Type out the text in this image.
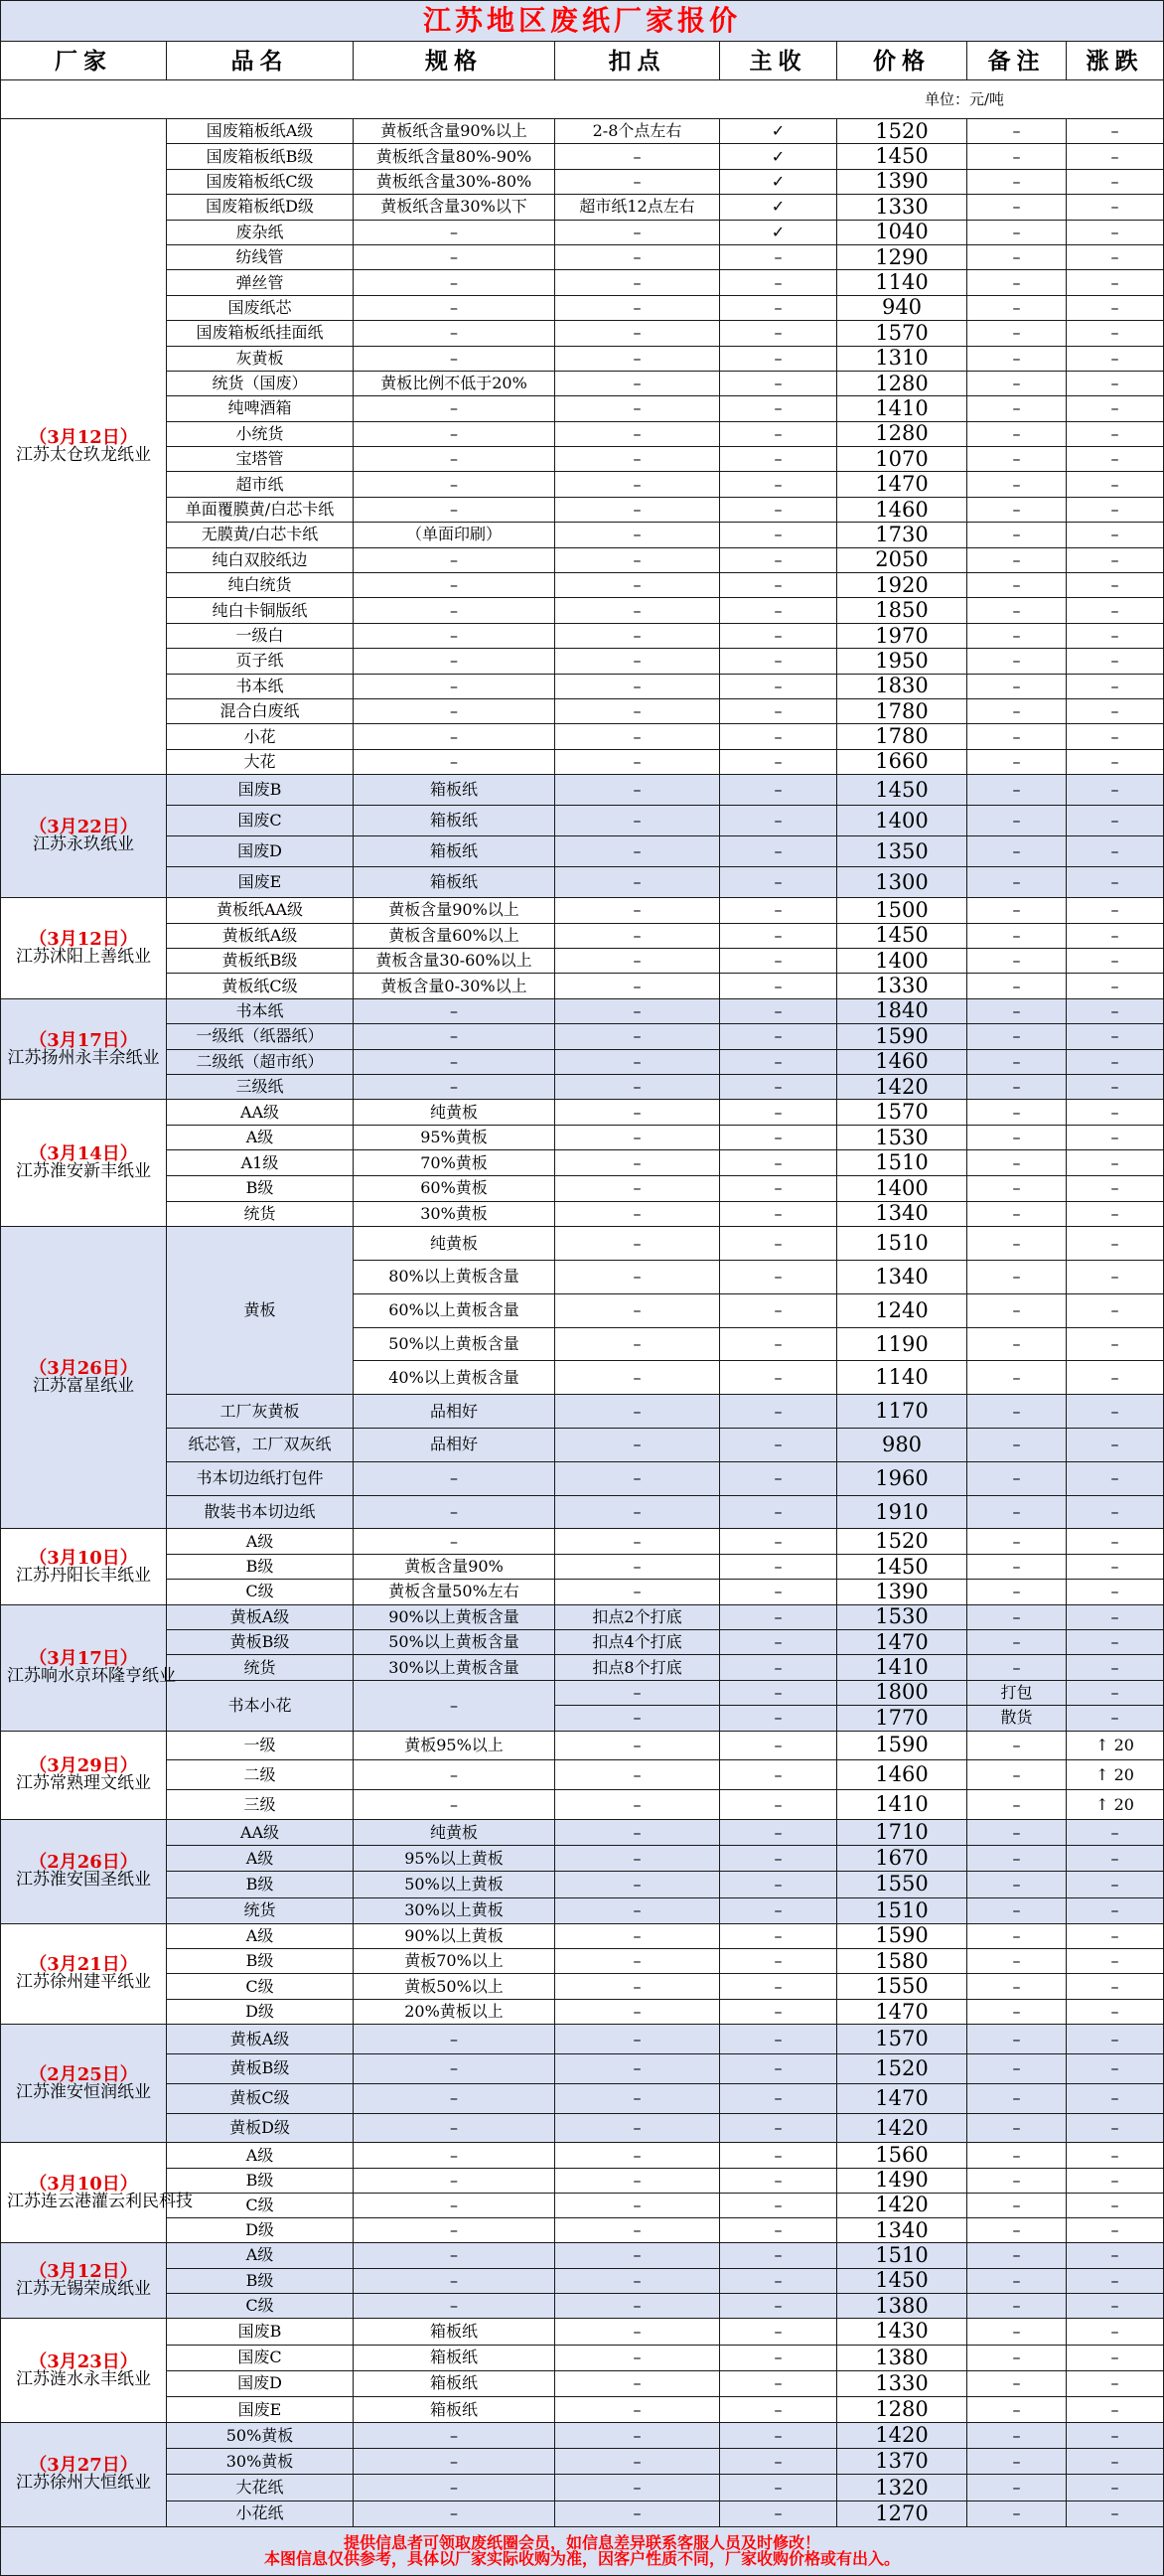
江苏地区废纸厂家报价							
厂家	品名	规格	扣点	主收	价格	备注	涨跌
单位：元/吨							

（3月12日）
江苏太仓玖龙纸业	国废箱板纸A级	黄板纸含量90%以上	2-8个点左右	✓	1520	–	–
	国废箱板纸B级	黄板纸含量80%-90%	–	✓	1450	–	–
	国废箱板纸C级	黄板纸含量30%-80%	–	✓	1390	–	–
	国废箱板纸D级	黄板纸含量30%以下	超市纸12点左右	✓	1330	–	–
	废杂纸	–	–	✓	1040	–	–
	纺线管	–	–	–	1290	–	–
	弹丝管	–	–	–	1140	–	–
	国废纸芯	–	–	–	940	–	–
	国废箱板纸挂面纸	–	–	–	1570	–	–
	灰黄板	–	–	–	1310	–	–
	统货（国废）	黄板比例不低于20%	–	–	1280	–	–
	纯啤酒箱	–	–	–	1410	–	–
	小统货	–	–	–	1280	–	–
	宝塔管	–	–	–	1070	–	–
	超市纸	–	–	–	1470	–	–
	单面覆膜黄/白芯卡纸	–	–	–	1460	–	–
	无膜黄/白芯卡纸	（单面印刷）	–	–	1730	–	–
	纯白双胶纸边	–	–	–	2050	–	–
	纯白统货	–	–	–	1920	–	–
	纯白卡铜版纸	–	–	–	1850	–	–
	一级白	–	–	–	1970	–	–
	页子纸	–	–	–	1950	–	–
	书本纸	–	–	–	1830	–	–
	混合白废纸	–	–	–	1780	–	–
	小花	–	–	–	1780	–	–
	大花	–	–	–	1660	–	–

（3月22日）
江苏永玖纸业	国废B	箱板纸	–	–	1450	–	–
	国废C	箱板纸	–	–	1400	–	–
	国废D	箱板纸	–	–	1350	–	–
	国废E	箱板纸	–	–	1300	–	–

（3月12日）
江苏沭阳上善纸业	黄板纸AA级	黄板含量90%以上	–	–	1500	–	–
	黄板纸A级	黄板含量60%以上	–	–	1450	–	–
	黄板纸B级	黄板含量30-60%以上	–	–	1400	–	–
	黄板纸C级	黄板含量0-30%以上	–	–	1330	–	–

（3月17日）
江苏扬州永丰余纸业	书本纸	–	–	–	1840	–	–
	一级纸（纸器纸）	–	–	–	1590	–	–
	二级纸（超市纸）	–	–	–	1460	–	–
	三级纸	–	–	–	1420	–	–

（3月14日）
江苏淮安新丰纸业	AA级	纯黄板	–	–	1570	–	–
	A级	95%黄板	–	–	1530	–	–
	A1级	70%黄板	–	–	1510	–	–
	B级	60%黄板	–	–	1400	–	–
	统货	30%黄板	–	–	1340	–	–

（3月26日）
江苏富星纸业	黄板	纯黄板	–	–	1510	–	–
		80%以上黄板含量	–	–	1340	–	–
		60%以上黄板含量	–	–	1240	–	–
		50%以上黄板含量	–	–	1190	–	–
		40%以上黄板含量	–	–	1140	–	–
	工厂灰黄板	品相好	–	–	1170	–	–
	纸芯管，工厂双灰纸	品相好	–	–	980	–	–
	书本切边纸打包件	–	–	–	1960	–	–
	散装书本切边纸	–	–	–	1910	–	–

（3月10日）
江苏丹阳长丰纸业	A级	–	–	–	1520	–	–
	B级	黄板含量90%	–	–	1450	–	–
	C级	黄板含量50%左右	–	–	1390	–	–

（3月17日）
江苏响水京环隆亨纸业	黄板A级	90%以上黄板含量	扣点2个打底	–	1530	–	–
	黄板B级	50%以上黄板含量	扣点4个打底	–	1470	–	–
	统货	30%以上黄板含量	扣点8个打底	–	1410	–	–
	书本小花	–	–	–	1800	打包	–
			–	–	1770	散货	–

（3月29日）
江苏常熟理文纸业	一级	黄板95%以上	–	–	1590	–	↑ 20
	二级	–	–	–	1460	–	↑ 20
	三级	–	–	–	1410	–	↑ 20

（2月26日）
江苏淮安国圣纸业	AA级	纯黄板	–	–	1710	–	–
	A级	95%以上黄板	–	–	1670	–	–
	B级	50%以上黄板	–	–	1550	–	–
	统货	30%以上黄板	–	–	1510	–	–

（3月21日）
江苏徐州建平纸业	A级	90%以上黄板	–	–	1590	–	–
	B级	黄板70%以上	–	–	1580	–	–
	C级	黄板50%以上	–	–	1550	–	–
	D级	20%黄板以上	–	–	1470	–	–

（2月25日）
江苏淮安恒润纸业	黄板A级	–	–	–	1570	–	–
	黄板B级	–	–	–	1520	–	–
	黄板C级	–	–	–	1470	–	–
	黄板D级	–	–	–	1420	–	–

（3月10日）
江苏连云港灌云利民科技	A级	–	–	–	1560	–	–
	B级	–	–	–	1490	–	–
	C级	–	–	–	1420	–	–
	D级	–	–	–	1340	–	–

（3月12日）
江苏无锡荣成纸业	A级	–	–	–	1510	–	–
	B级	–	–	–	1450	–	–
	C级	–	–	–	1380	–	–

（3月23日）
江苏涟水永丰纸业	国废B	箱板纸	–	–	1430	–	–
	国废C	箱板纸	–	–	1380	–	–
	国废D	箱板纸	–	–	1330	–	–
	国废E	箱板纸	–	–	1280	–	–

（3月27日）
江苏徐州大恒纸业	50%黄板	–	–	–	1420	–	–
	30%黄板	–	–	–	1370	–	–
	大花纸	–	–	–	1320	–	–
	小花纸	–	–	–	1270	–	–

提供信息者可领取废纸圈会员，如信息差异联系客服人员及时修改！
本图信息仅供参考，具体以厂家实际收购为准，因客户性质不同，厂家收购价格或有出入。							
